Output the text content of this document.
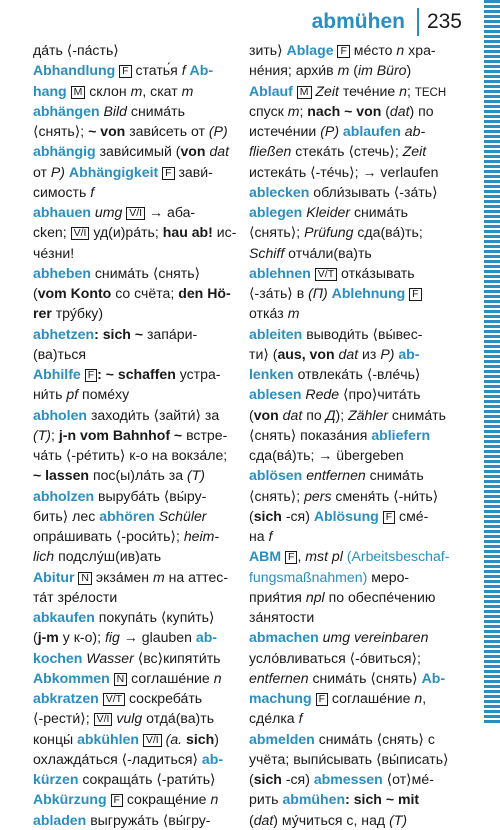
abmühen 235
да́ть ⟨-па́сть⟩
Abhandlung F стать́я f Ab-
hang M склон m, скат m
abhängen Bild снима́ть
⟨снять⟩; ~ von зави́сеть от (P)
abhängig зави́симый (von dat
от P) Abhängigkeit F зави́-
симость f
abhauen umg V/I → аба-
cken; V/I уд(и)ра́ть; hau ab! ис-
чéзни!
abheben снима́ть ⟨снять⟩
(vom Konto со счёта; den Hö-
rer тру́бку)
abhetzen: sich ~ запа́ри-
(ва)ться
Abhilfe F : ~ schaffen устра-
ни́ть pf поме́ху
abholen заходи́ть ⟨зайти́⟩ за
(T); j-n vom Bahnhof ~ встре-
ча́ть ⟨-ре́тить⟩ к-о на вокза́ле;
~ lassen пос(ы)ла́ть за (T)
abholzen выруба́ть ⟨вы́ру-
бить⟩ лес abhören Schüler
опра́шивать ⟨-роси́ть⟩; heim-
lich подслу́ш(ив)ать
Abitur N экза́мен m на аттес-
та́т зре́лости
abkaufen покупа́ть ⟨купи́ть⟩
(j-m у к-о); fig → glauben ab-
kochen Wasser ⟨вс⟩кипяти́ть
Abkommen N соглаше́ние n
abkratzen V/T соскреба́ть
⟨-рести́⟩; V/I vulg отда́(ва)ть
концы́ abkühlen V/I (a. sich)
охлажда́ться ⟨-ладиться⟩ ab-
kürzen сокраща́ть ⟨-рати́ть⟩
Abkürzung F сокраще́ние n
abladen выгружа́ть ⟨вы́гру-
зить⟩ Ablage F мéсто n хра-
не́ния; архи́в m (im Büro)
Ablauf M Zeit тече́ние n; TECH
спуск m; nach ~ von (dat) по
истече́нии (P) ablaufen ab-
fließen стека́ть ⟨стечь⟩; Zeit
истека́ть ⟨-те́чь⟩; → verlaufen
ablecken обли́зывать ⟨-за́ть⟩
ablegen Kleider снима́ть
⟨снять⟩; Prüfung сда(ва́)ть;
Schiff отча́ли(ва)ть
ablehnen V/T отка́зывать
⟨-за́ть⟩ в (П) Ablehnung F
отка́з m
ableiten выводи́ть ⟨вы́веc-
ти⟩ (aus, von dat из P) ab-
lenken отвлека́ть ⟨-вле́чь⟩
ablesen Rede ⟨про⟩чита́ть
(von dat по Д); Zähler снима́ть
⟨снять⟩ показа́ния abliefern
сда(ва́)ть; → übergeben
ablösen entfernen снима́ть
⟨снять⟩; pers сменя́ть ⟨-ни́ть⟩
(sich -ся) Ablösung F сме́-
на f
ABM F , mst pl (Arbeitsbeschaf-
fungsmaßnahmen) меро-
прия́тия npl по обеспе́чению
за́нятости
abmachen umg vereinbaren
усло́вливаться ⟨-о́виться⟩;
entfernen снима́ть ⟨снять⟩ Ab-
machung F соглаше́ние n,
сде́лка f
abmelden снима́ть ⟨снять⟩ с
учёта; выпи́сывать ⟨вы́писать⟩
(sich -ся) abmessen ⟨от⟩ме́-
рить abmühen: sich ~ mit
(dat) му́читься с, над (T)
